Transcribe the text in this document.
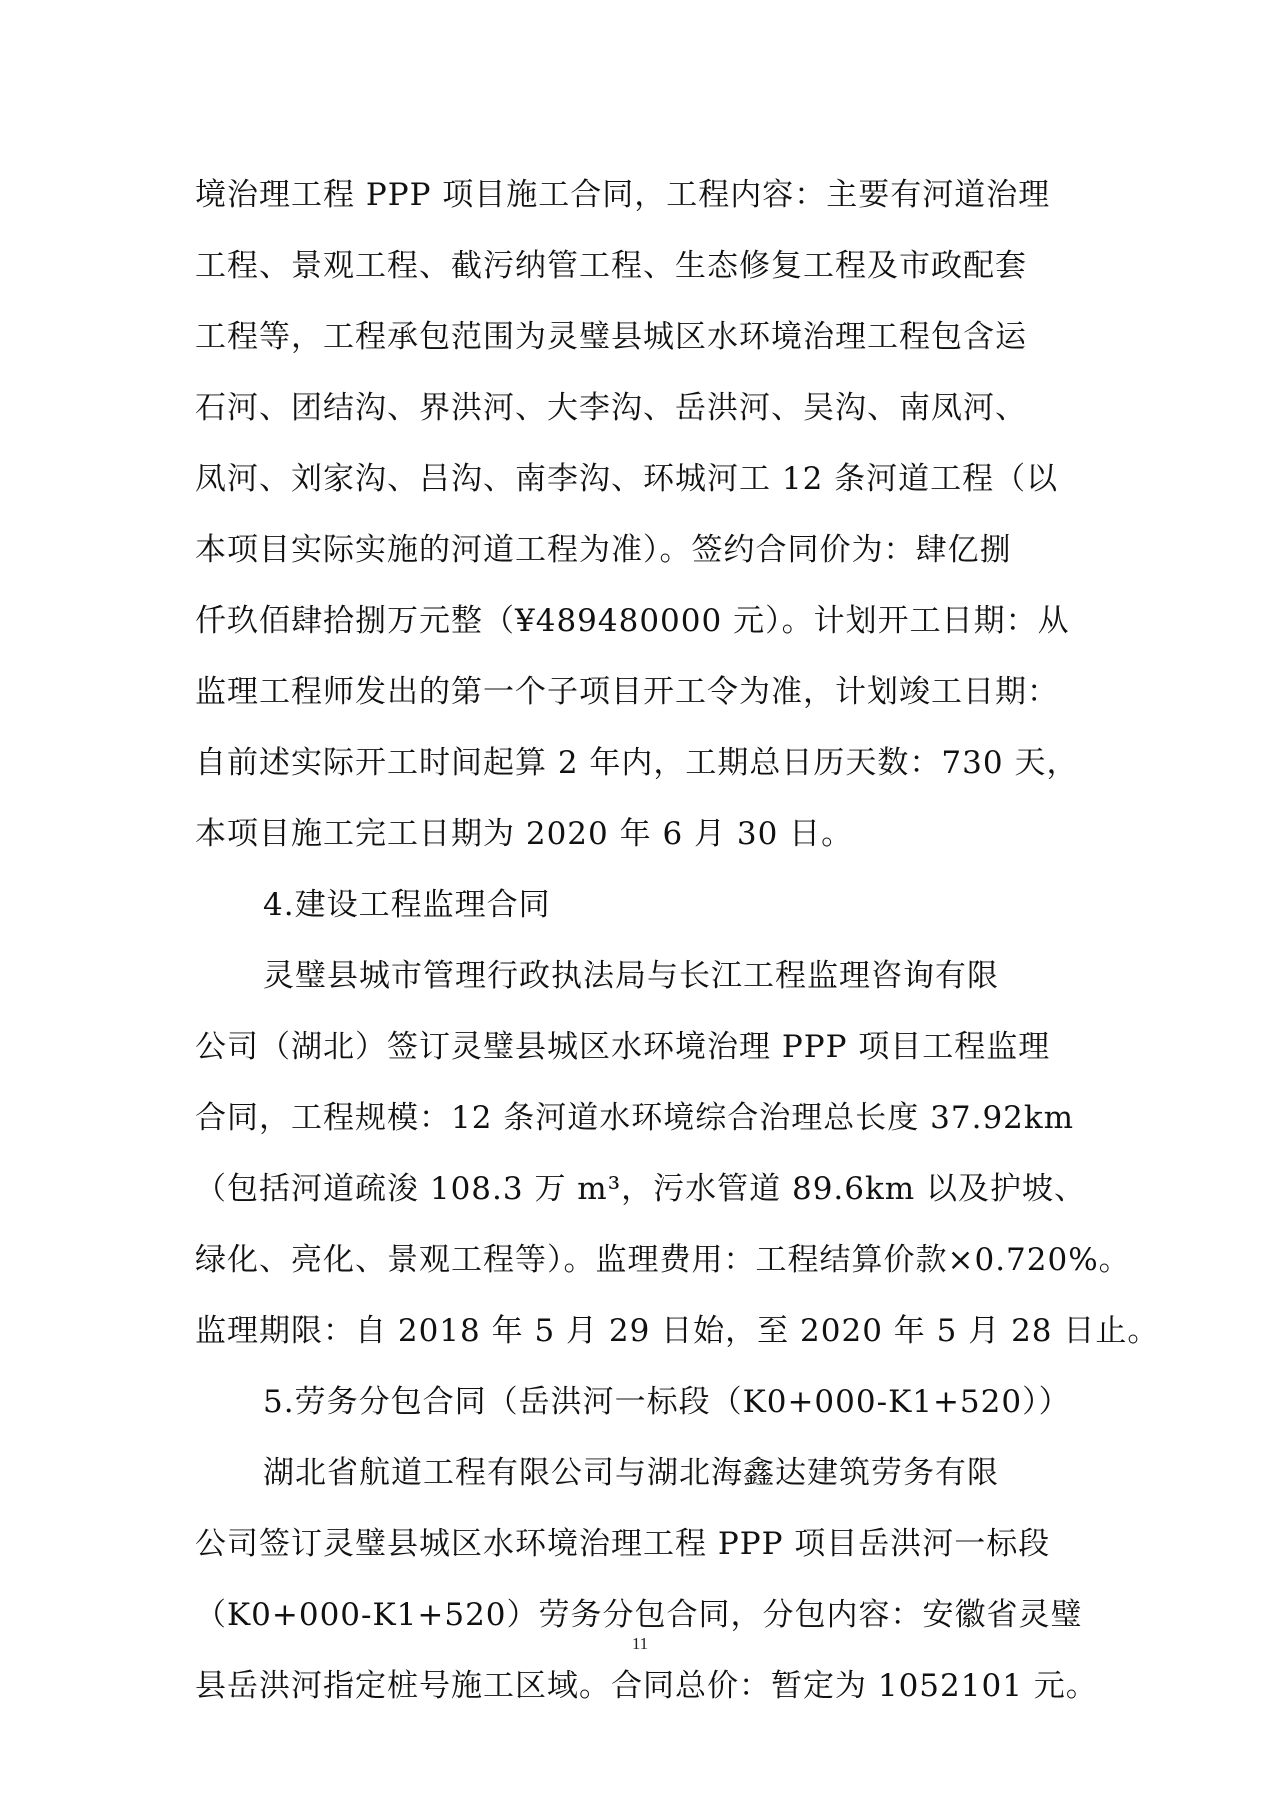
境治理工程 PPP 项目施工合同，工程内容：主要有河道治理
工程、景观工程、截污纳管工程、生态修复工程及市政配套
工程等，工程承包范围为灵璧县城区水环境治理工程包含运
石河、团结沟、界洪河、大李沟、岳洪河、吴沟、南凤河、
凤河、刘家沟、吕沟、南李沟、环城河工 12 条河道工程（以
本项目实际实施的河道工程为准）。签约合同价为：肆亿捌
仟玖佰肆拾捌万元整（¥489480000 元）。计划开工日期：从
监理工程师发出的第一个子项目开工令为准，计划竣工日期：
自前述实际开工时间起算 2 年内，工期总日历天数：730 天，
本项目施工完工日期为 2020 年 6 月 30 日。
4.建设工程监理合同
灵璧县城市管理行政执法局与长江工程监理咨询有限
公司（湖北）签订灵璧县城区水环境治理 PPP 项目工程监理
合同，工程规模：12 条河道水环境综合治理总长度 37.92km
（包括河道疏浚 108.3 万 m³，污水管道 89.6km 以及护坡、
绿化、亮化、景观工程等）。监理费用：工程结算价款×0.720%。
监理期限：自 2018 年 5 月 29 日始，至 2020 年 5 月 28 日止。
5.劳务分包合同（岳洪河一标段（K0+000-K1+520））
湖北省航道工程有限公司与湖北海鑫达建筑劳务有限
公司签订灵璧县城区水环境治理工程 PPP 项目岳洪河一标段
（K0+000-K1+520）劳务分包合同，分包内容：安徽省灵璧
县岳洪河指定桩号施工区域。合同总价：暂定为 1052101 元。
11
